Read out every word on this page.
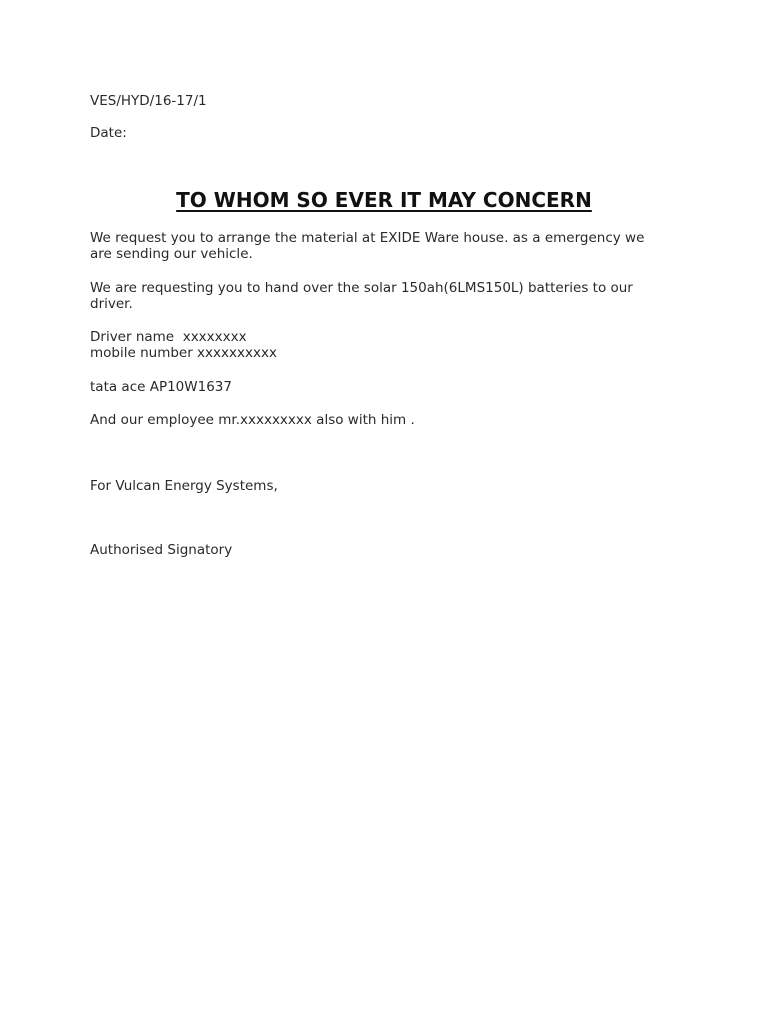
VES/HYD/16-17/1
Date:
TO WHOM SO EVER IT MAY CONCERN
We request you to arrange the material at EXIDE Ware house. as a emergency we
are sending our vehicle.
We are requesting you to hand over the solar 150ah(6LMS150L) batteries to our
driver.
Driver name  xxxxxxxx
mobile number xxxxxxxxxx
tata ace AP10W1637
And our employee mr.xxxxxxxxx also with him .
For Vulcan Energy Systems,
Authorised Signatory
